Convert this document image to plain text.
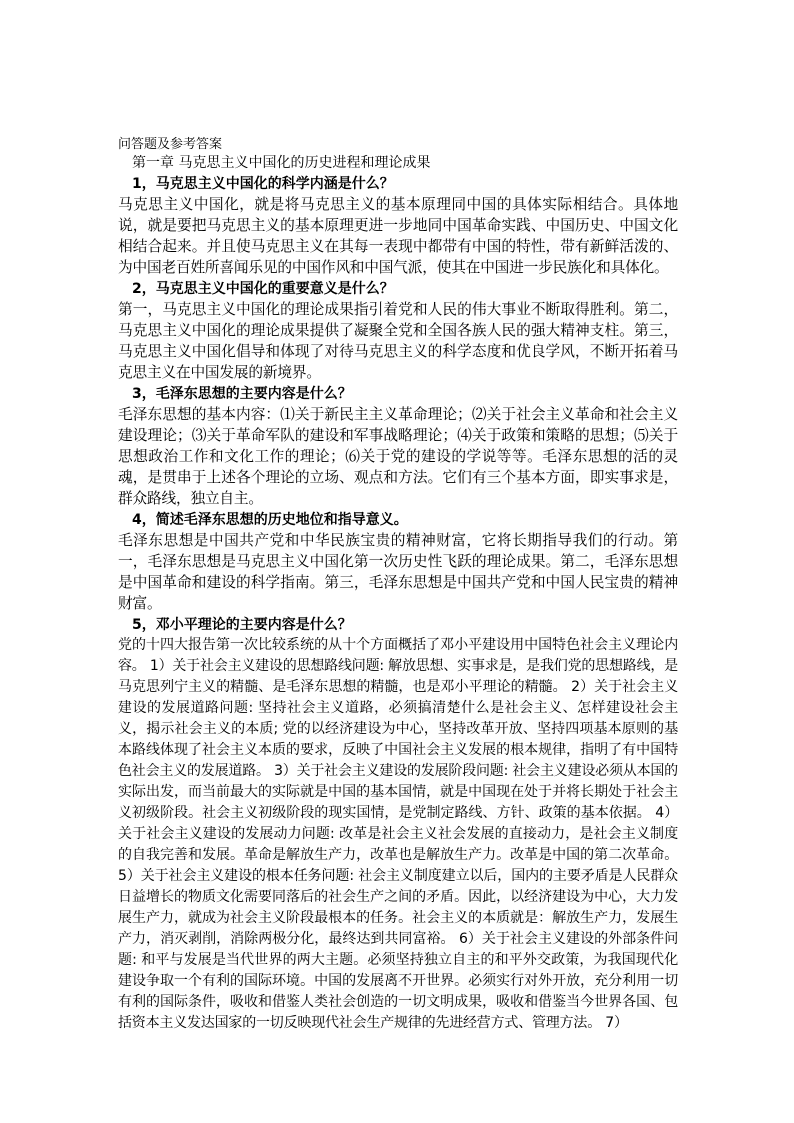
问答题及参考答案

第一章 马克思主义中国化的历史进程和理论成果

1，马克思主义中国化的科学内涵是什么？

马克思主义中国化，就是将马克思主义的基本原理同中国的具体实际相结合。具体地说，就是要把马克思主义的基本原理更进一步地同中国革命实践、中国历史、中国文化相结合起来。并且使马克思主义在其每一表现中都带有中国的特性，带有新鲜活泼的、为中国老百姓所喜闻乐见的中国作风和中国气派，使其在中国进一步民族化和具体化。

2，马克思主义中国化的重要意义是什么？

第一，马克思主义中国化的理论成果指引着党和人民的伟大事业不断取得胜利。第二，马克思主义中国化的理论成果提供了凝聚全党和全国各族人民的强大精神支柱。第三，马克思主义中国化倡导和体现了对待马克思主义的科学态度和优良学风，不断开拓着马克思主义在中国发展的新境界。

3，毛泽东思想的主要内容是什么？

毛泽东思想的基本内容：⑴关于新民主主义革命理论；⑵关于社会主义革命和社会主义建设理论；⑶关于革命军队的建设和军事战略理论；⑷关于政策和策略的思想；⑸关于思想政治工作和文化工作的理论；⑹关于党的建设的学说等等。毛泽东思想的活的灵魂，是贯串于上述各个理论的立场、观点和方法。它们有三个基本方面，即实事求是，群众路线，独立自主。

4，简述毛泽东思想的历史地位和指导意义。

毛泽东思想是中国共产党和中华民族宝贵的精神财富，它将长期指导我们的行动。第一，毛泽东思想是马克思主义中国化第一次历史性飞跃的理论成果。第二，毛泽东思想是中国革命和建设的科学指南。第三，毛泽东思想是中国共产党和中国人民宝贵的精神财富。

5，邓小平理论的主要内容是什么？

党的十四大报告第一次比较系统的从十个方面概括了邓小平建设用中国特色社会主义理论内容。 1）关于社会主义建设的思想路线问题: 解放思想、实事求是，是我们党的思想路线，是马克思列宁主义的精髓、是毛泽东思想的精髓，也是邓小平理论的精髓。 2）关于社会主义建设的发展道路问题: 坚持社会主义道路，必须搞清楚什么是社会主义、怎样建设社会主义，揭示社会主义的本质; 党的以经济建设为中心，坚持改革开放、坚持四项基本原则的基本路线体现了社会主义本质的要求，反映了中国社会主义发展的根本规律，指明了有中国特色社会主义的发展道路。 3）关于社会主义建设的发展阶段问题: 社会主义建设必须从本国的实际出发，而当前最大的实际就是中国的基本国情，就是中国现在处于并将长期处于社会主义初级阶段。社会主义初级阶段的现实国情，是党制定路线、方针、政策的基本依据。 4）关于社会主义建设的发展动力问题: 改革是社会主义社会发展的直接动力，是社会主义制度的自我完善和发展。革命是解放生产力，改革也是解放生产力。改革是中国的第二次革命。 5）关于社会主义建设的根本任务问题: 社会主义制度建立以后，国内的主要矛盾是人民群众日益增长的物质文化需要同落后的社会生产之间的矛盾。因此，以经济建设为中心，大力发展生产力，就成为社会主义阶段最根本的任务。社会主义的本质就是：解放生产力，发展生产力，消灭剥削，消除两极分化，最终达到共同富裕。 6）关于社会主义建设的外部条件问题: 和平与发展是当代世界的两大主题。必须坚持独立自主的和平外交政策，为我国现代化建设争取一个有利的国际环境。中国的发展离不开世界。必须实行对外开放，充分利用一切有利的国际条件，吸收和借鉴人类社会创造的一切文明成果，吸收和借鉴当今世界各国、包括资本主义发达国家的一切反映现代社会生产规律的先进经营方式、管理方法。 7）
